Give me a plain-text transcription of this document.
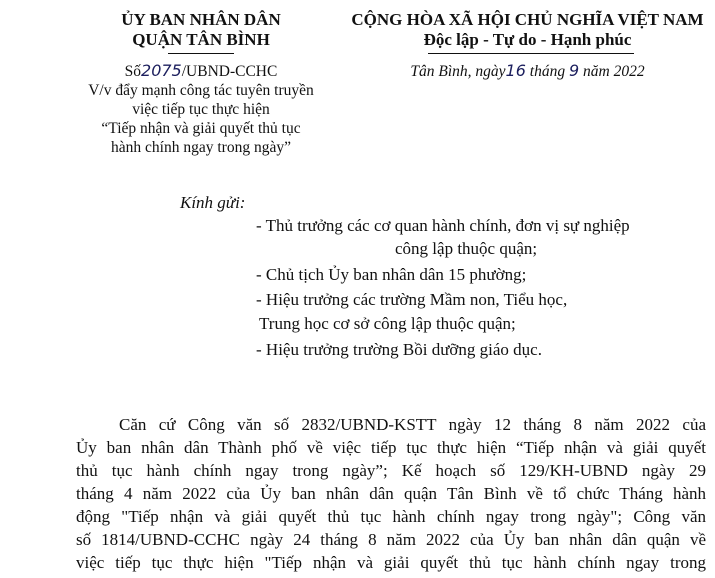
ỦY BAN NHÂN DÂN
QUẬN TÂN BÌNH
Số2075/UBND-CCHC
V/v đẩy mạnh công tác tuyên truyền
việc tiếp tục thực hiện
“Tiếp nhận và giải quyết thủ tục
hành chính ngay trong ngày”
CỘNG HÒA XÃ HỘI CHỦ NGHĨA VIỆT NAM
Độc lập - Tự do - Hạnh phúc
Tân Bình, ngày16 tháng 9 năm 2022
Kính gửi:
- Thủ trưởng các cơ quan hành chính, đơn vị sự nghiệp
công lập thuộc quận;
- Chủ tịch Ủy ban nhân dân 15 phường;
- Hiệu trưởng các trường Mầm non, Tiểu học,
Trung học cơ sở công lập thuộc quận;
- Hiệu trưởng trường Bồi dưỡng giáo dục.
Căn cứ Công văn số 2832/UBND-KSTT ngày 12 tháng 8 năm 2022 của
Ủy ban nhân dân Thành phố về việc tiếp tục thực hiện “Tiếp nhận và giải quyết
thủ tục hành chính ngay trong ngày”; Kế hoạch số 129/KH-UBND ngày 29
tháng 4 năm 2022 của Ủy ban nhân dân quận Tân Bình về tổ chức Tháng hành
động "Tiếp nhận và giải quyết thủ tục hành chính ngay trong ngày"; Công văn
số 1814/UBND-CCHC ngày 24 tháng 8 năm 2022 của Ủy ban nhân dân quận về
việc tiếp tục thực hiện "Tiếp nhận và giải quyết thủ tục hành chính ngay trong
